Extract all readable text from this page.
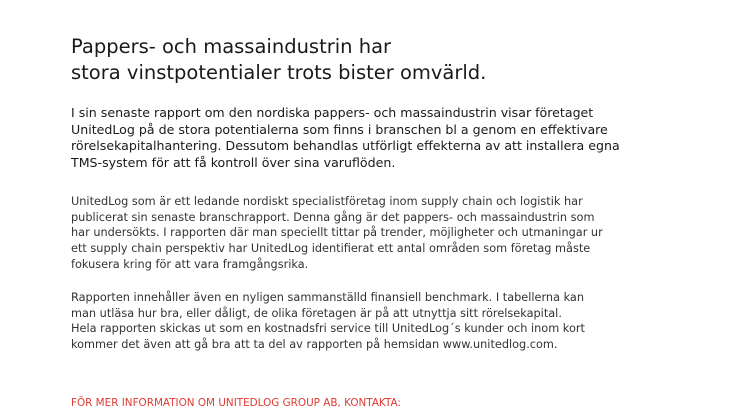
Pappers- och massaindustrin har
stora vinstpotentialer trots bister omvärld.
I sin senaste rapport om den nordiska pappers- och massaindustrin visar företaget
UnitedLog på de stora potentialerna som finns i branschen bl a genom en effektivare
rörelsekapitalhantering. Dessutom behandlas utförligt effekterna av att installera egna
TMS-system för att få kontroll över sina varuflöden.
UnitedLog som är ett ledande nordiskt specialistföretag inom supply chain och logistik har
publicerat sin senaste branschrapport. Denna gång är det pappers- och massaindustrin som
har undersökts. I rapporten där man speciellt tittar på trender, möjligheter och utmaningar ur
ett supply chain perspektiv har UnitedLog identifierat ett antal områden som företag måste
fokusera kring för att vara framgångsrika.
Rapporten innehåller även en nyligen sammanställd finansiell benchmark. I tabellerna kan
man utläsa hur bra, eller dåligt, de olika företagen är på att utnyttja sitt rörelsekapital.
Hela rapporten skickas ut som en kostnadsfri service till UnitedLog´s kunder och inom kort
kommer det även att gå bra att ta del av rapporten på hemsidan www.unitedlog.com.

FÖR MER INFORMATION OM UNITEDLOG GROUP AB, KONTAKTA:
